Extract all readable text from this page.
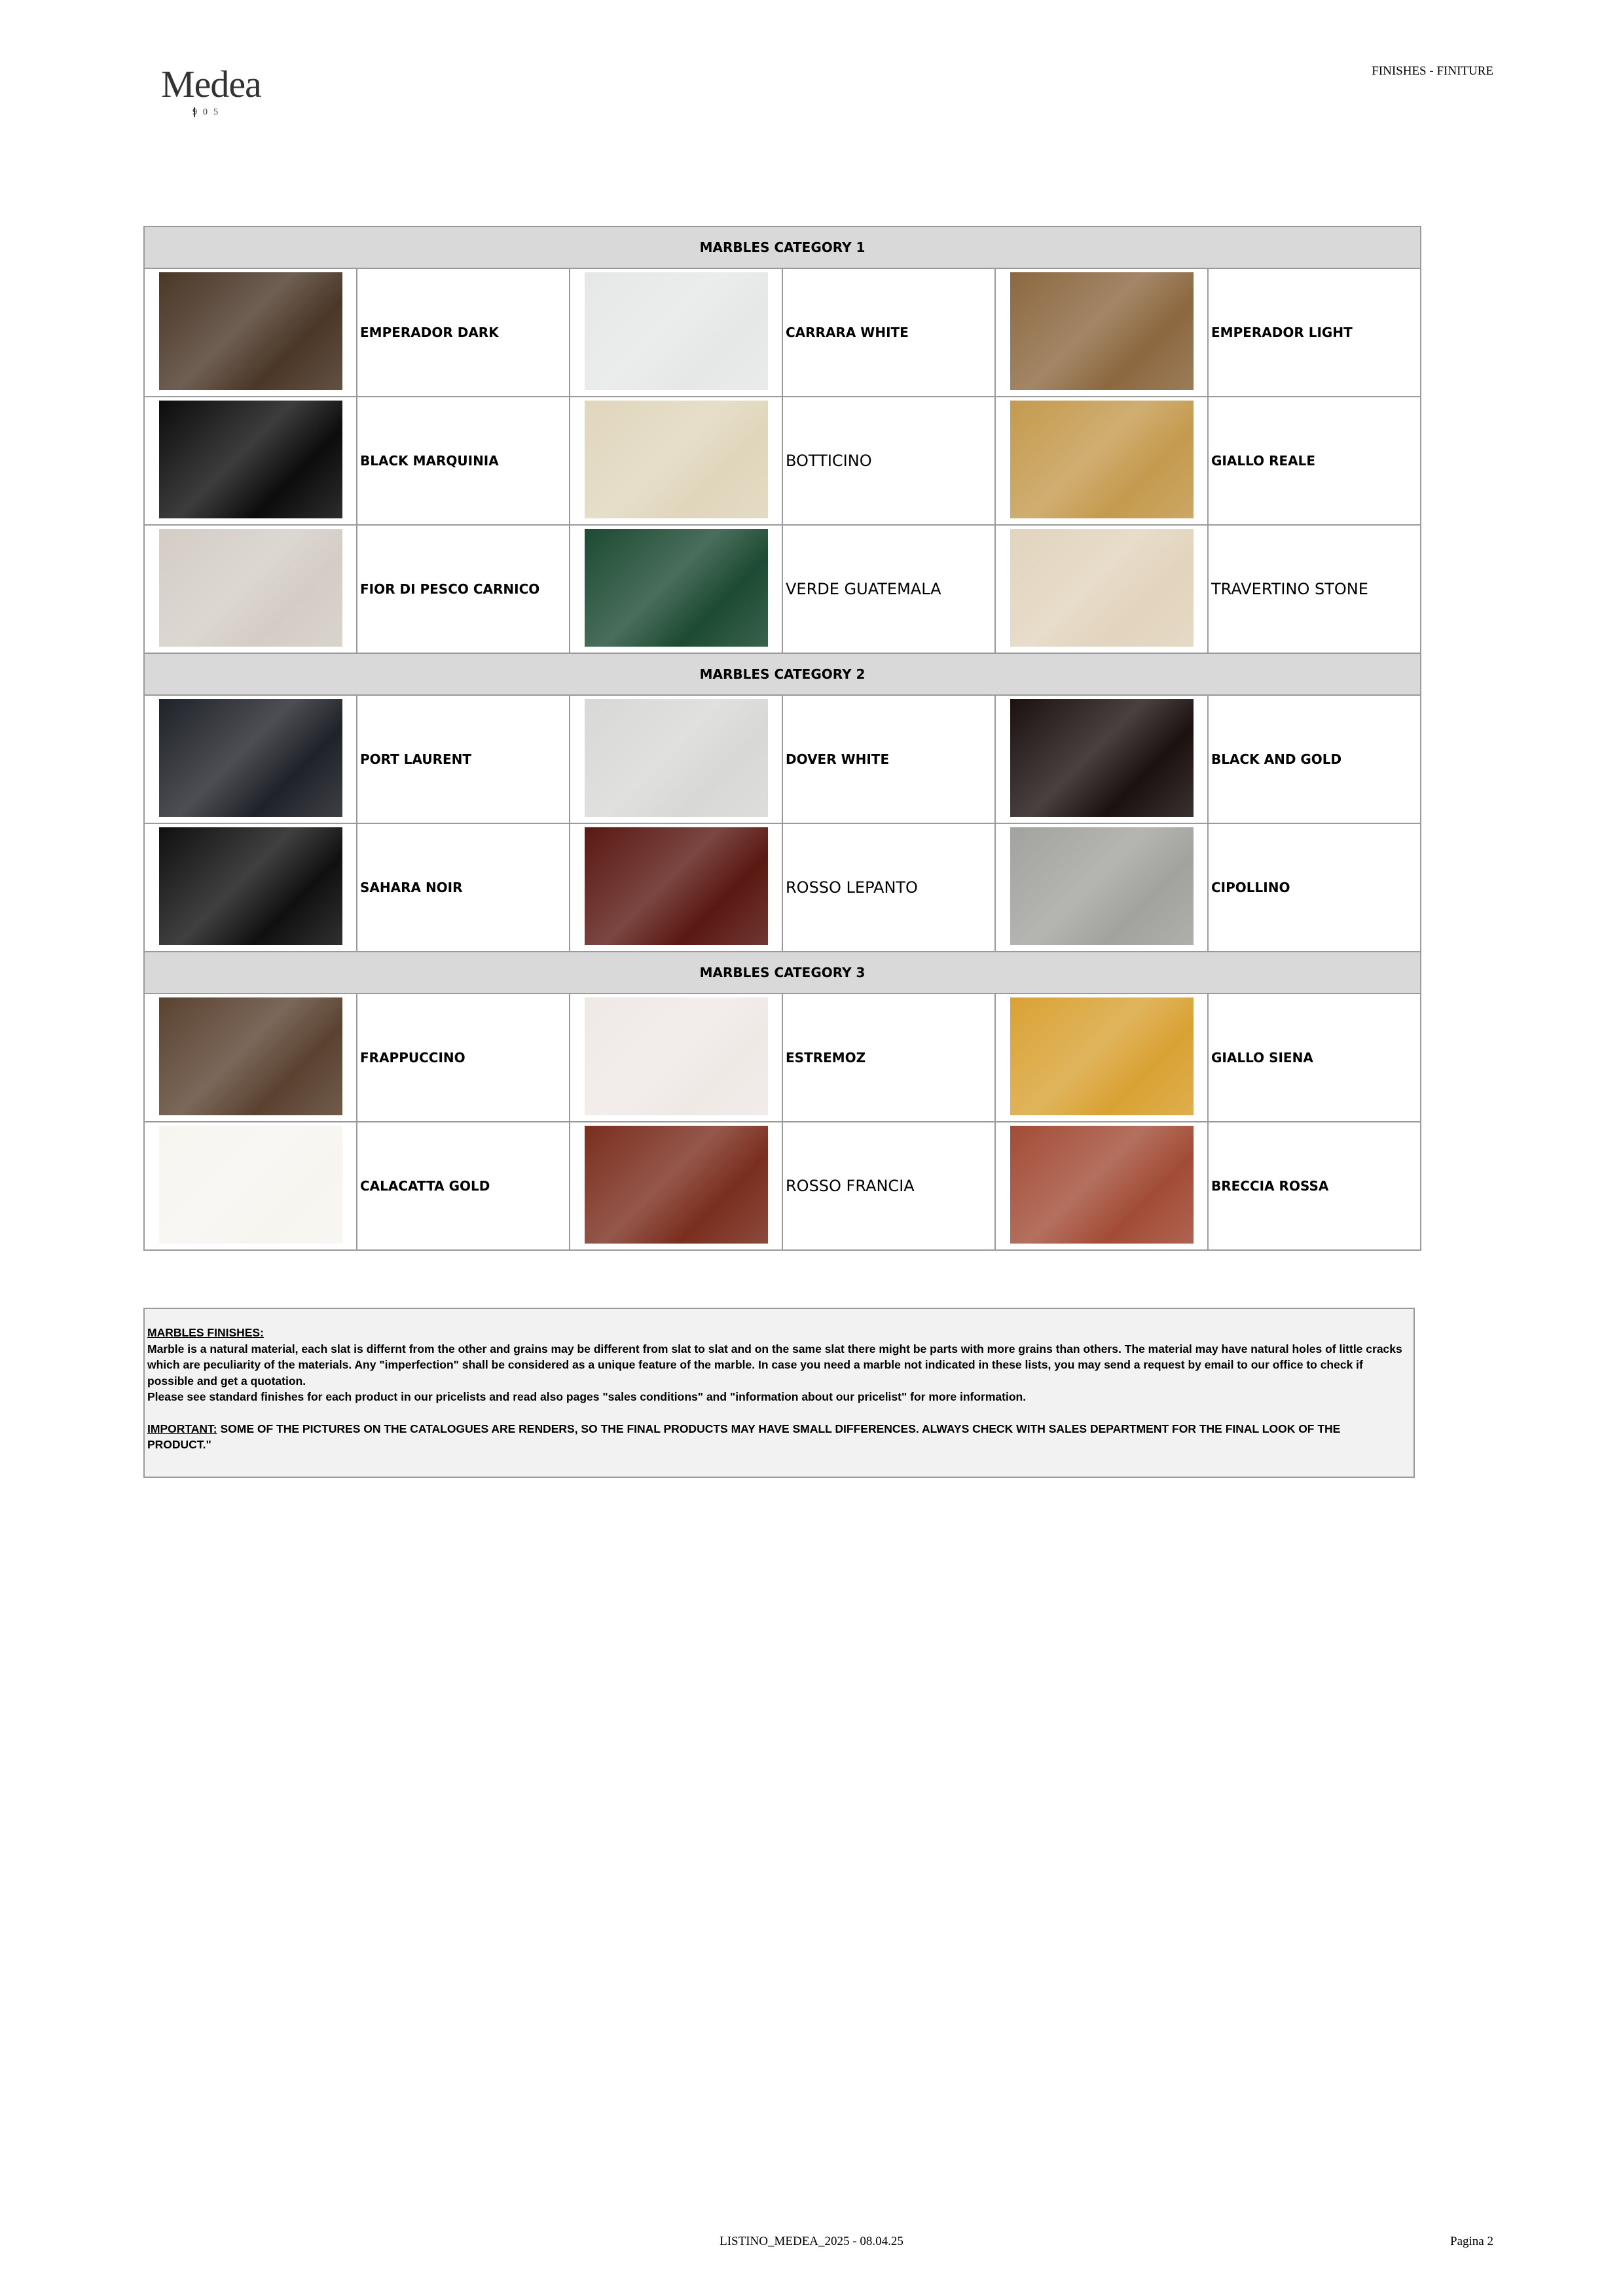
Medea
905
FINISHES - FINITURE
MARBLES CATEGORY 1					
	EMPERADOR DARK		CARRARA WHITE		EMPERADOR LIGHT
	BLACK MARQUINIA		BOTTICINO		GIALLO REALE
	FIOR DI PESCO CARNICO		VERDE GUATEMALA		TRAVERTINO STONE
MARBLES CATEGORY 2					
	PORT LAURENT		DOVER WHITE		BLACK AND GOLD
	SAHARA NOIR		ROSSO LEPANTO		CIPOLLINO
MARBLES CATEGORY 3					
	FRAPPUCCINO		ESTREMOZ		GIALLO SIENA
	CALACATTA GOLD		ROSSO FRANCIA		BRECCIA ROSSA

MARBLES FINISHES:

Marble is a natural material, each slat is differnt from the other and grains may be different from slat to slat and on the same slat there might be parts with more grains than others. The material may have natural holes of little cracks which are peculiarity of the materials. Any "imperfection" shall be considered as a unique feature of the marble. In case you need a marble not indicated in these lists, you may send a request by email to our office to check if possible and get a quotation.

Please see standard finishes for each product in our pricelists and read also pages "sales conditions" and "information about our pricelist" for more information.

IMPORTANT: SOME OF THE PICTURES ON THE CATALOGUES ARE RENDERS, SO THE FINAL PRODUCTS MAY HAVE SMALL DIFFERENCES. ALWAYS CHECK WITH SALES DEPARTMENT FOR THE FINAL LOOK OF THE PRODUCT."

LISTINO_MEDEA_2025 - 08.04.25	Pagina 2
